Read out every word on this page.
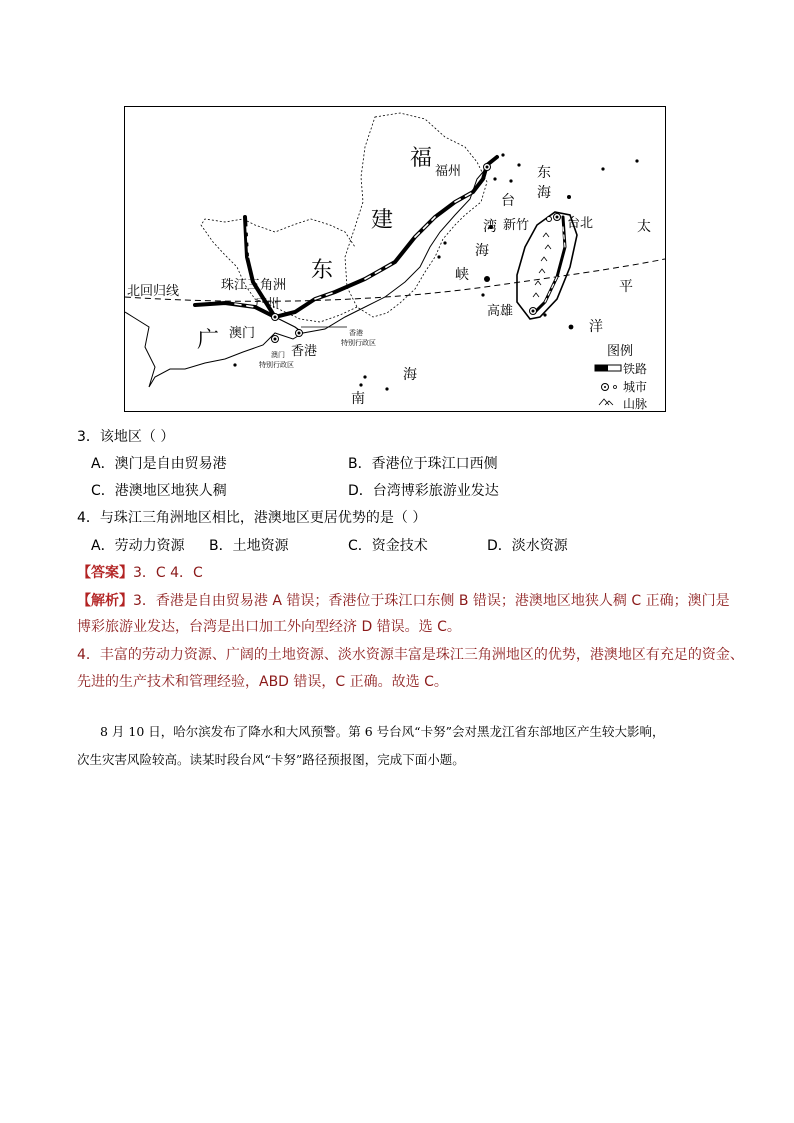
福
建
福州	东
海
台
湾
海
峡
新竹	台北
高雄
太
平
洋
广
东
珠江三角洲
广州
北回归线
澳门
香港
香港
特别行政区
澳门
特别行政区
南
海
图例
铁路
城市
山脉
3．该地区（ ）
A．澳门是自由贸易港	B．香港位于珠江口西侧
C．港澳地区地狭人稠	D．台湾博彩旅游业发达
4．与珠江三角洲地区相比，港澳地区更居优势的是（ ）
A．劳动力资源 B．土地资源	C．资金技术	D．淡水资源
【答案】3．C 4．C
【解析】3．香港是自由贸易港 A 错误；香港位于珠江口东侧 B 错误；港澳地区地狭人稠 C 正确；澳门是
博彩旅游业发达，台湾是出口加工外向型经济 D 错误。选 C。
4．丰富的劳动力资源、广阔的土地资源、淡水资源丰富是珠江三角洲地区的优势，港澳地区有充足的资金、
先进的生产技术和管理经验，ABD 错误，C 正确。故选 C。
8 月 10 日，哈尔滨发布了降水和大风预警。第 6 号台风“卡努”会对黑龙江省东部地区产生较大影响，
次生灾害风险较高。读某时段台风“卡努”路径预报图，完成下面小题。
